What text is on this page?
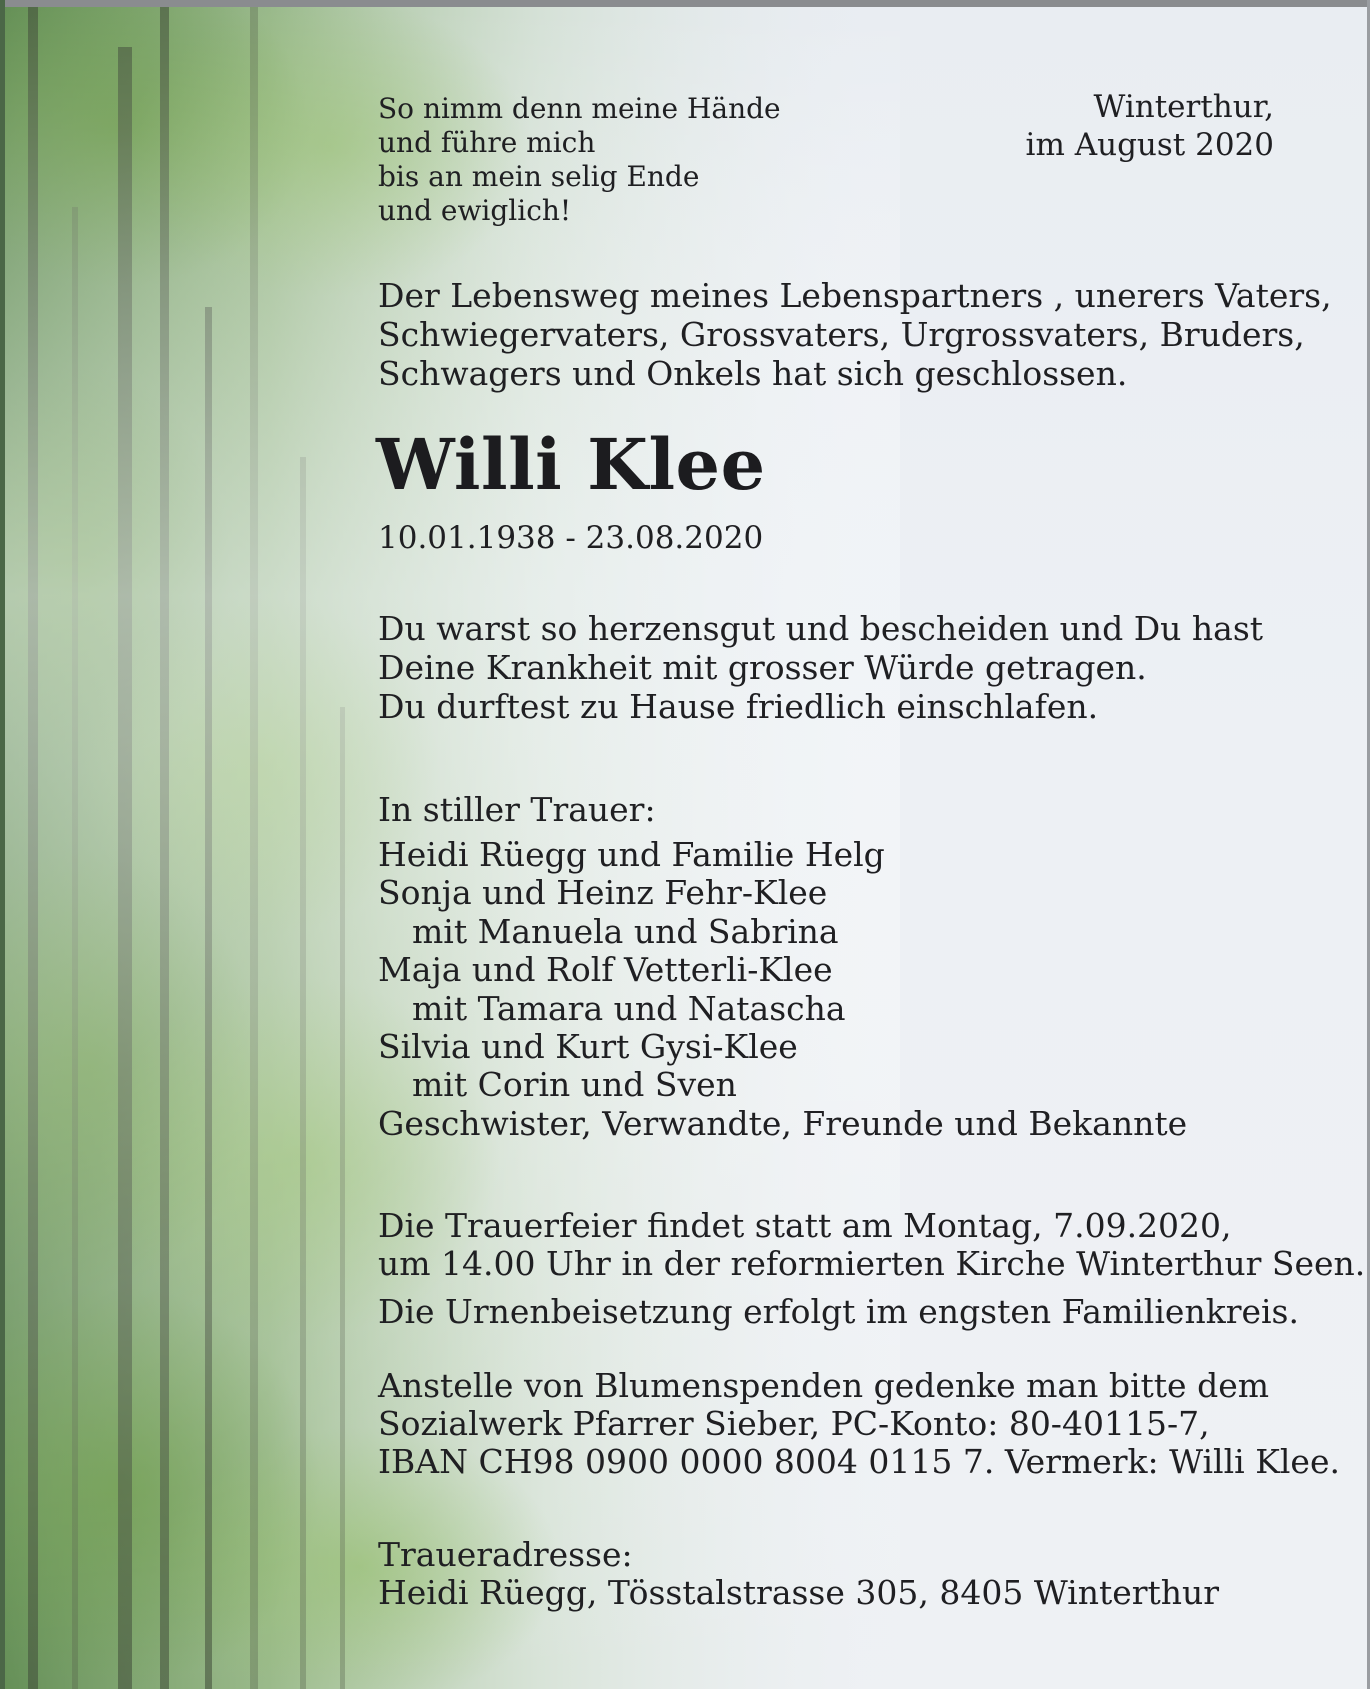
So nimm denn meine Hände
und führe mich
bis an mein selig Ende
und ewiglich!
Winterthur,
im August 2020
Der Lebensweg meines Lebenspartners , unerers Vaters,
Schwiegervaters, Grossvaters, Urgrossvaters, Bruders,
Schwagers und Onkels hat sich geschlossen.
Willi Klee
10.01.1938 - 23.08.2020
Du warst so herzensgut und bescheiden und Du hast
Deine Krankheit mit grosser Würde getragen.
Du durftest zu Hause friedlich einschlafen.
In stiller Trauer:
Heidi Rüegg und Familie Helg
Sonja und Heinz Fehr-Klee
mit Manuela und Sabrina
Maja und Rolf Vetterli-Klee
mit Tamara und Natascha
Silvia und Kurt Gysi-Klee
mit Corin und Sven
Geschwister, Verwandte, Freunde und Bekannte
Die Trauerfeier findet statt am Montag, 7.09.2020,
um 14.00 Uhr in der reformierten Kirche Winterthur Seen.
Die Urnenbeisetzung erfolgt im engsten Familienkreis.
Anstelle von Blumenspenden gedenke man bitte dem
Sozialwerk Pfarrer Sieber, PC-Konto: 80-40115-7,
IBAN CH98 0900 0000 8004 0115 7. Vermerk: Willi Klee.
Traueradresse:
Heidi Rüegg, Tösstalstrasse 305, 8405 Winterthur
